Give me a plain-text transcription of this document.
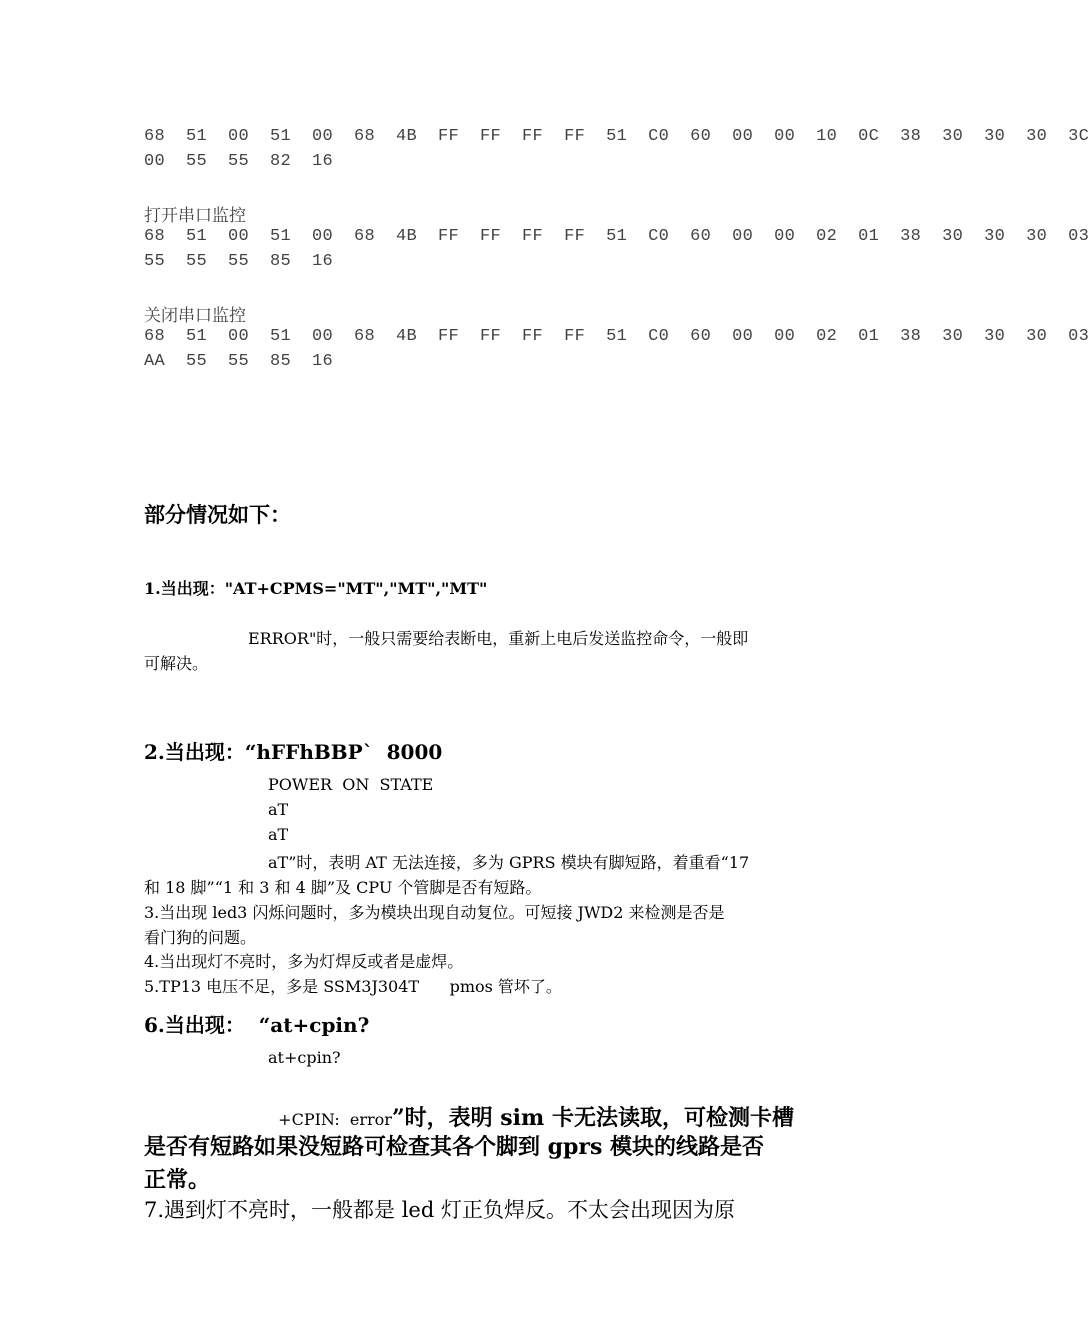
68  51  00  51  00  68  4B  FF  FF  FF  FF  51  C0  60  00  00  10  0C  38  30  30  30  3C
00  55  55  82  16
打开串口监控
68  51  00  51  00  68  4B  FF  FF  FF  FF  51  C0  60  00  00  02  01  38  30  30  30  03
55  55  55  85  16
关闭串口监控
68  51  00  51  00  68  4B  FF  FF  FF  FF  51  C0  60  00  00  02  01  38  30  30  30  03
AA  55  55  85  16
部分情况如下：
1.当出现："AT+CPMS="MT","MT","MT"
ERROR"时，一般只需要给表断电，重新上电后发送监控命令，一般即
可解决。
2.当出现：“hFFhBBP`  8000
POWER  ON  STATE
aT
aT
aT”时，表明 AT 无法连接，多为 GPRS 模块有脚短路，着重看“17
和 18 脚”“1 和 3 和 4 脚”及 CPU 个管脚是否有短路。
3.当出现 led3 闪烁问题时，多为模块出现自动复位。可短接 JWD2 来检测是否是
看门狗的问题。
4.当出现灯不亮时，多为灯焊反或者是虚焊。
5.TP13 电压不足，多是 SSM3J304T      pmos 管坏了。
6.当出现：  “at+cpin?
at+cpin?

+CPIN:  error”时，表明 sim 卡无法读取，可检测卡槽

是否有短路如果没短路可检查其各个脚到 gprs 模块的线路是否
正常。
7.遇到灯不亮时，一般都是 led 灯正负焊反。不太会出现因为原
